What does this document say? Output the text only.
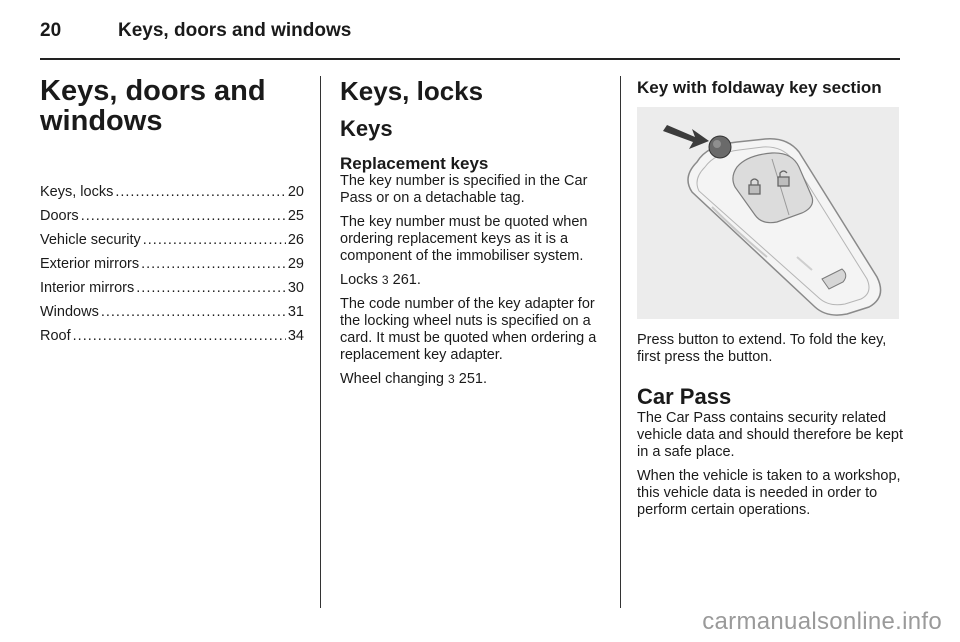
20	Keys, doors and windows
Keys, doors and windows
Keys, locks .....	20
Doors .....	25
Vehicle security .....	26
Exterior mirrors .....	29
Interior mirrors .....	30
Windows .....	31
Roof .....	34
Keys, locks
Keys
Replacement keys

The key number is specified in the Car Pass or on a detachable tag.

The key number must be quoted when ordering replacement keys as it is a component of the immobiliser system.

Locks 3 261.

The code number of the key adapter for the locking wheel nuts is specified on a card. It must be quoted when ordering a replacement key adapter.

Wheel changing 3 251.

Key with foldaway key section

Press button to extend. To fold the key, first press the button.

Car Pass

The Car Pass contains security related vehicle data and should therefore be kept in a safe place.

When the vehicle is taken to a workshop, this vehicle data is needed in order to perform certain operations.

carmanualsonline.info
